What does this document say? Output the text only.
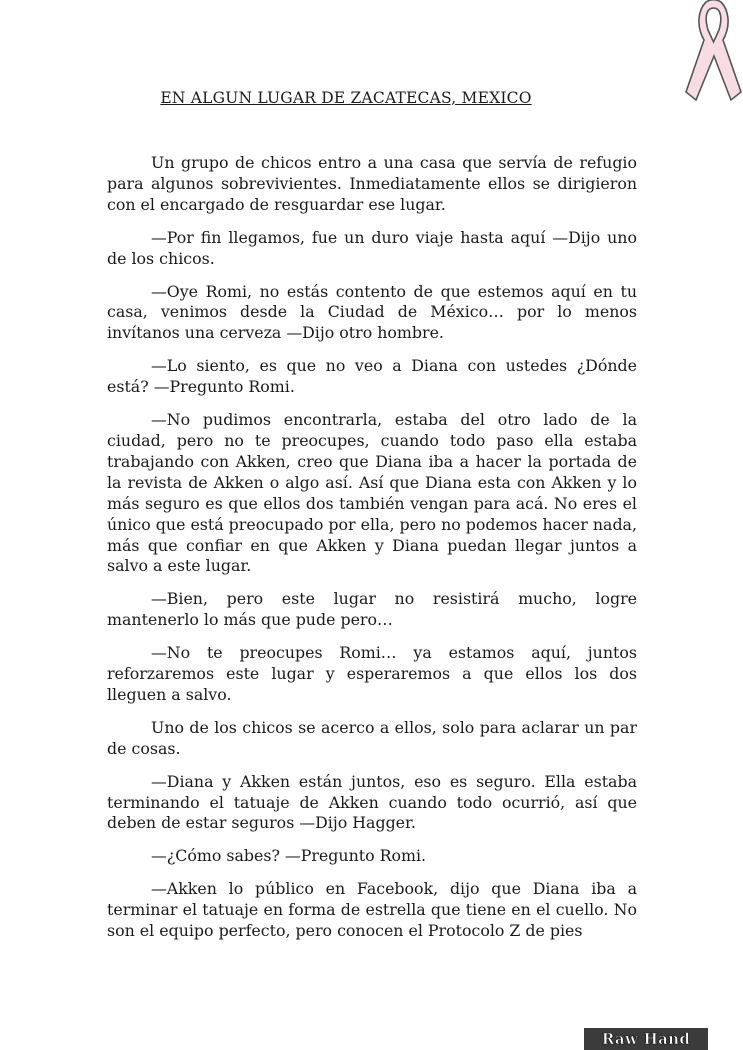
EN ALGUN LUGAR DE ZACATECAS, MEXICO

Un grupo de chicos entro a una casa que servía de refugio para algunos sobrevivientes. Inmediatamente ellos se dirigieron con el encargado de resguardar ese lugar.

—Por fin llegamos, fue un duro viaje hasta aquí —Dijo uno de los chicos.

—Oye Romi, no estás contento de que estemos aquí en tu casa, venimos desde la Ciudad de México… por lo menos invítanos una cerveza —Dijo otro hombre.

—Lo siento, es que no veo a Diana con ustedes ¿Dónde está? —Pregunto Romi.

—No pudimos encontrarla, estaba del otro lado de la ciudad, pero no te preocupes, cuando todo paso ella estaba trabajando con Akken, creo que Diana iba a hacer la portada de la revista de Akken o algo así. Así que Diana esta con Akken y lo más seguro es que ellos dos también vengan para acá. No eres el único que está preocupado por ella, pero no podemos hacer nada, más que confiar en que Akken y Diana puedan llegar juntos a salvo a este lugar.

—Bien, pero este lugar no resistirá mucho, logre mantenerlo lo más que pude pero…

—No te preocupes Romi… ya estamos aquí, juntos reforzaremos este lugar y esperaremos a que ellos los dos lleguen a salvo.

Uno de los chicos se acerco a ellos, solo para aclarar un par de cosas.

—Diana y Akken están juntos, eso es seguro. Ella estaba terminando el tatuaje de Akken cuando todo ocurrió, así que deben de estar seguros —Dijo Hagger.

—¿Cómo sabes? —Pregunto Romi.

—Akken lo público en Facebook, dijo que Diana iba a terminar el tatuaje en forma de estrella que tiene en el cuello. No son el equipo perfecto, pero conocen el Protocolo Z de pies

Raw Hand
